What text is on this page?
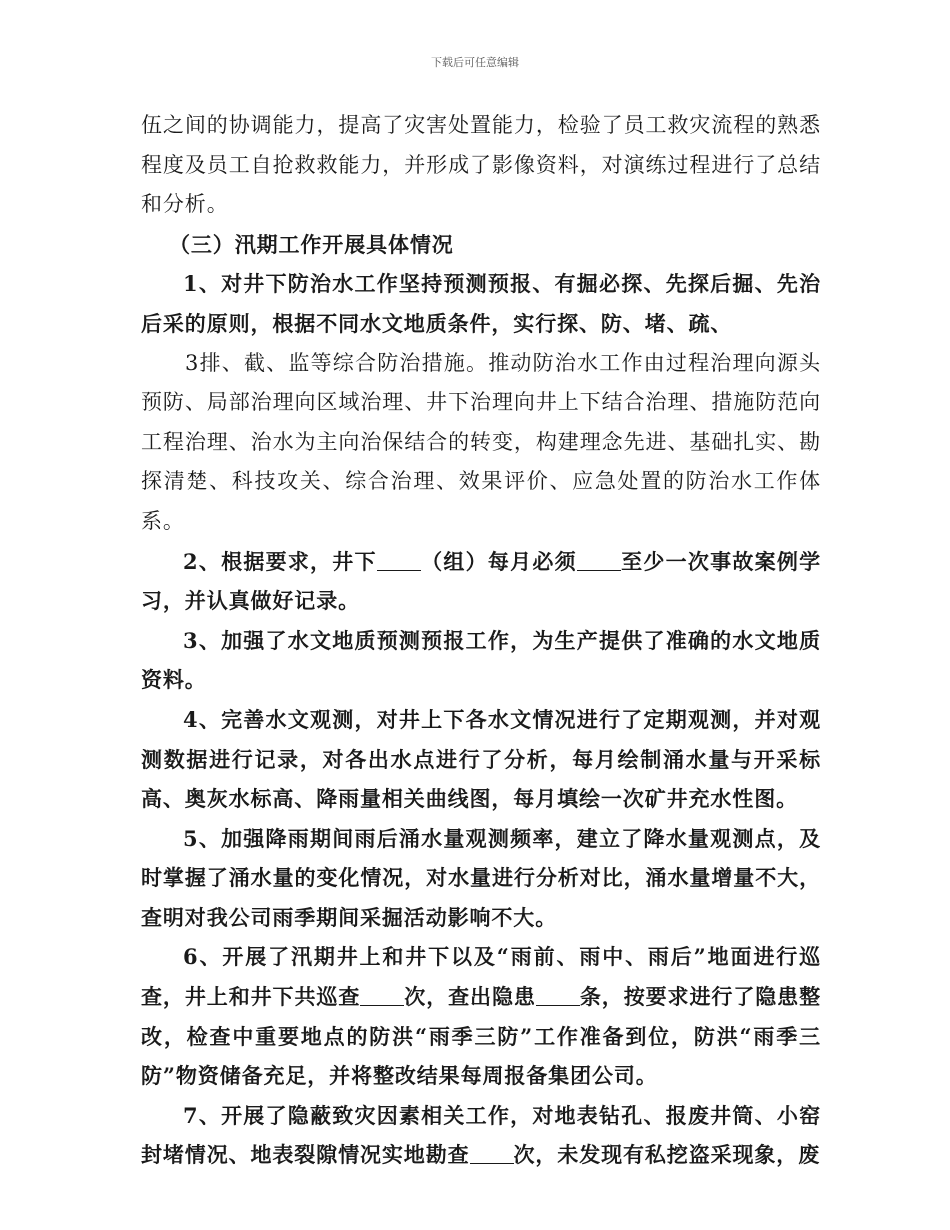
下载后可任意编辑

伍之间的协调能力，提高了灾害处置能力，检验了员工救灾流程的熟悉程度及员工自抢救救能力，并形成了影像资料，对演练过程进行了总结和分析。

（三）汛期工作开展具体情况

1、对井下防治水工作坚持预测预报、有掘必探、先探后掘、先治后采的原则，根据不同水文地质条件，实行探、防、堵、疏、

3排、截、监等综合防治措施。推动防治水工作由过程治理向源头预防、局部治理向区域治理、井下治理向井上下结合治理、措施防范向工程治理、治水为主向治保结合的转变，构建理念先进、基础扎实、勘探清楚、科技攻关、综合治理、效果评价、应急处置的防治水工作体系。

2、根据要求，井下 （组）每月必须 至少一次事故案例学习，并认真做好记录。

3、加强了水文地质预测预报工作，为生产提供了准确的水文地质资料。

4、完善水文观测，对井上下各水文情况进行了定期观测，并对观测数据进行记录，对各出水点进行了分析，每月绘制涌水量与开采标高、奥灰水标高、降雨量相关曲线图，每月填绘一次矿井充水性图。

5、加强降雨期间雨后涌水量观测频率，建立了降水量观测点，及时掌握了涌水量的变化情况，对水量进行分析对比，涌水量增量不大，查明对我公司雨季期间采掘活动影响不大。

6、开展了汛期井上和井下以及“雨前、雨中、雨后”地面进行巡查，井上和井下共巡查 次，查出隐患 条，按要求进行了隐患整改，检查中重要地点的防洪“雨季三防”工作准备到位，防洪“雨季三防”物资储备充足，并将整改结果每周报备集团公司。

7、开展了隐蔽致灾因素相关工作，对地表钻孔、报废井筒、小窑封堵情况、地表裂隙情况实地勘查 次，未发现有私挖盗采现象，废
